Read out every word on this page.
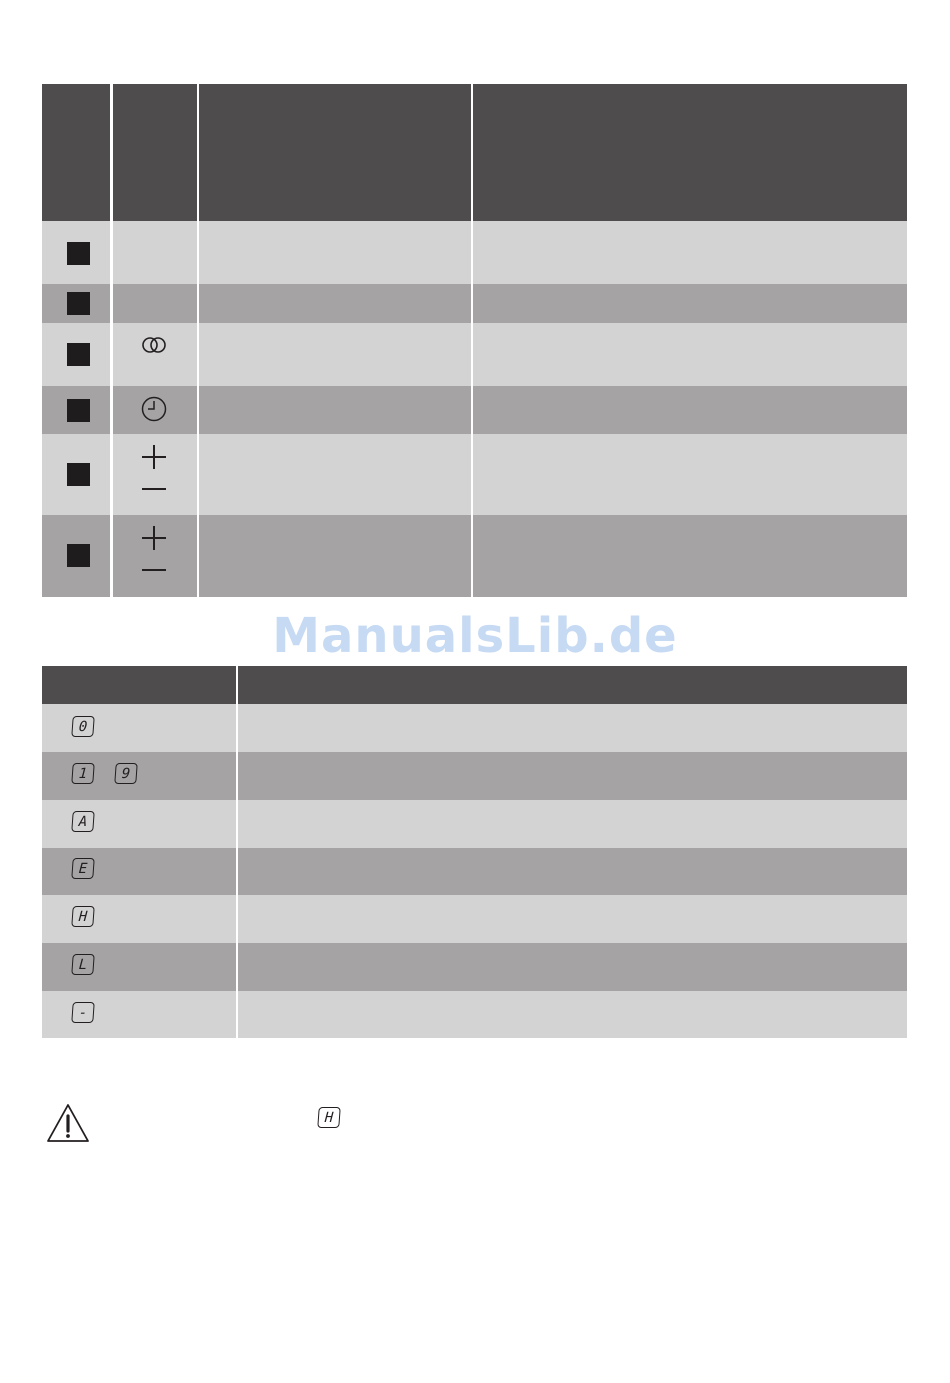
ManualsLib.de
0
1	9
A
E
H
L
-
H
